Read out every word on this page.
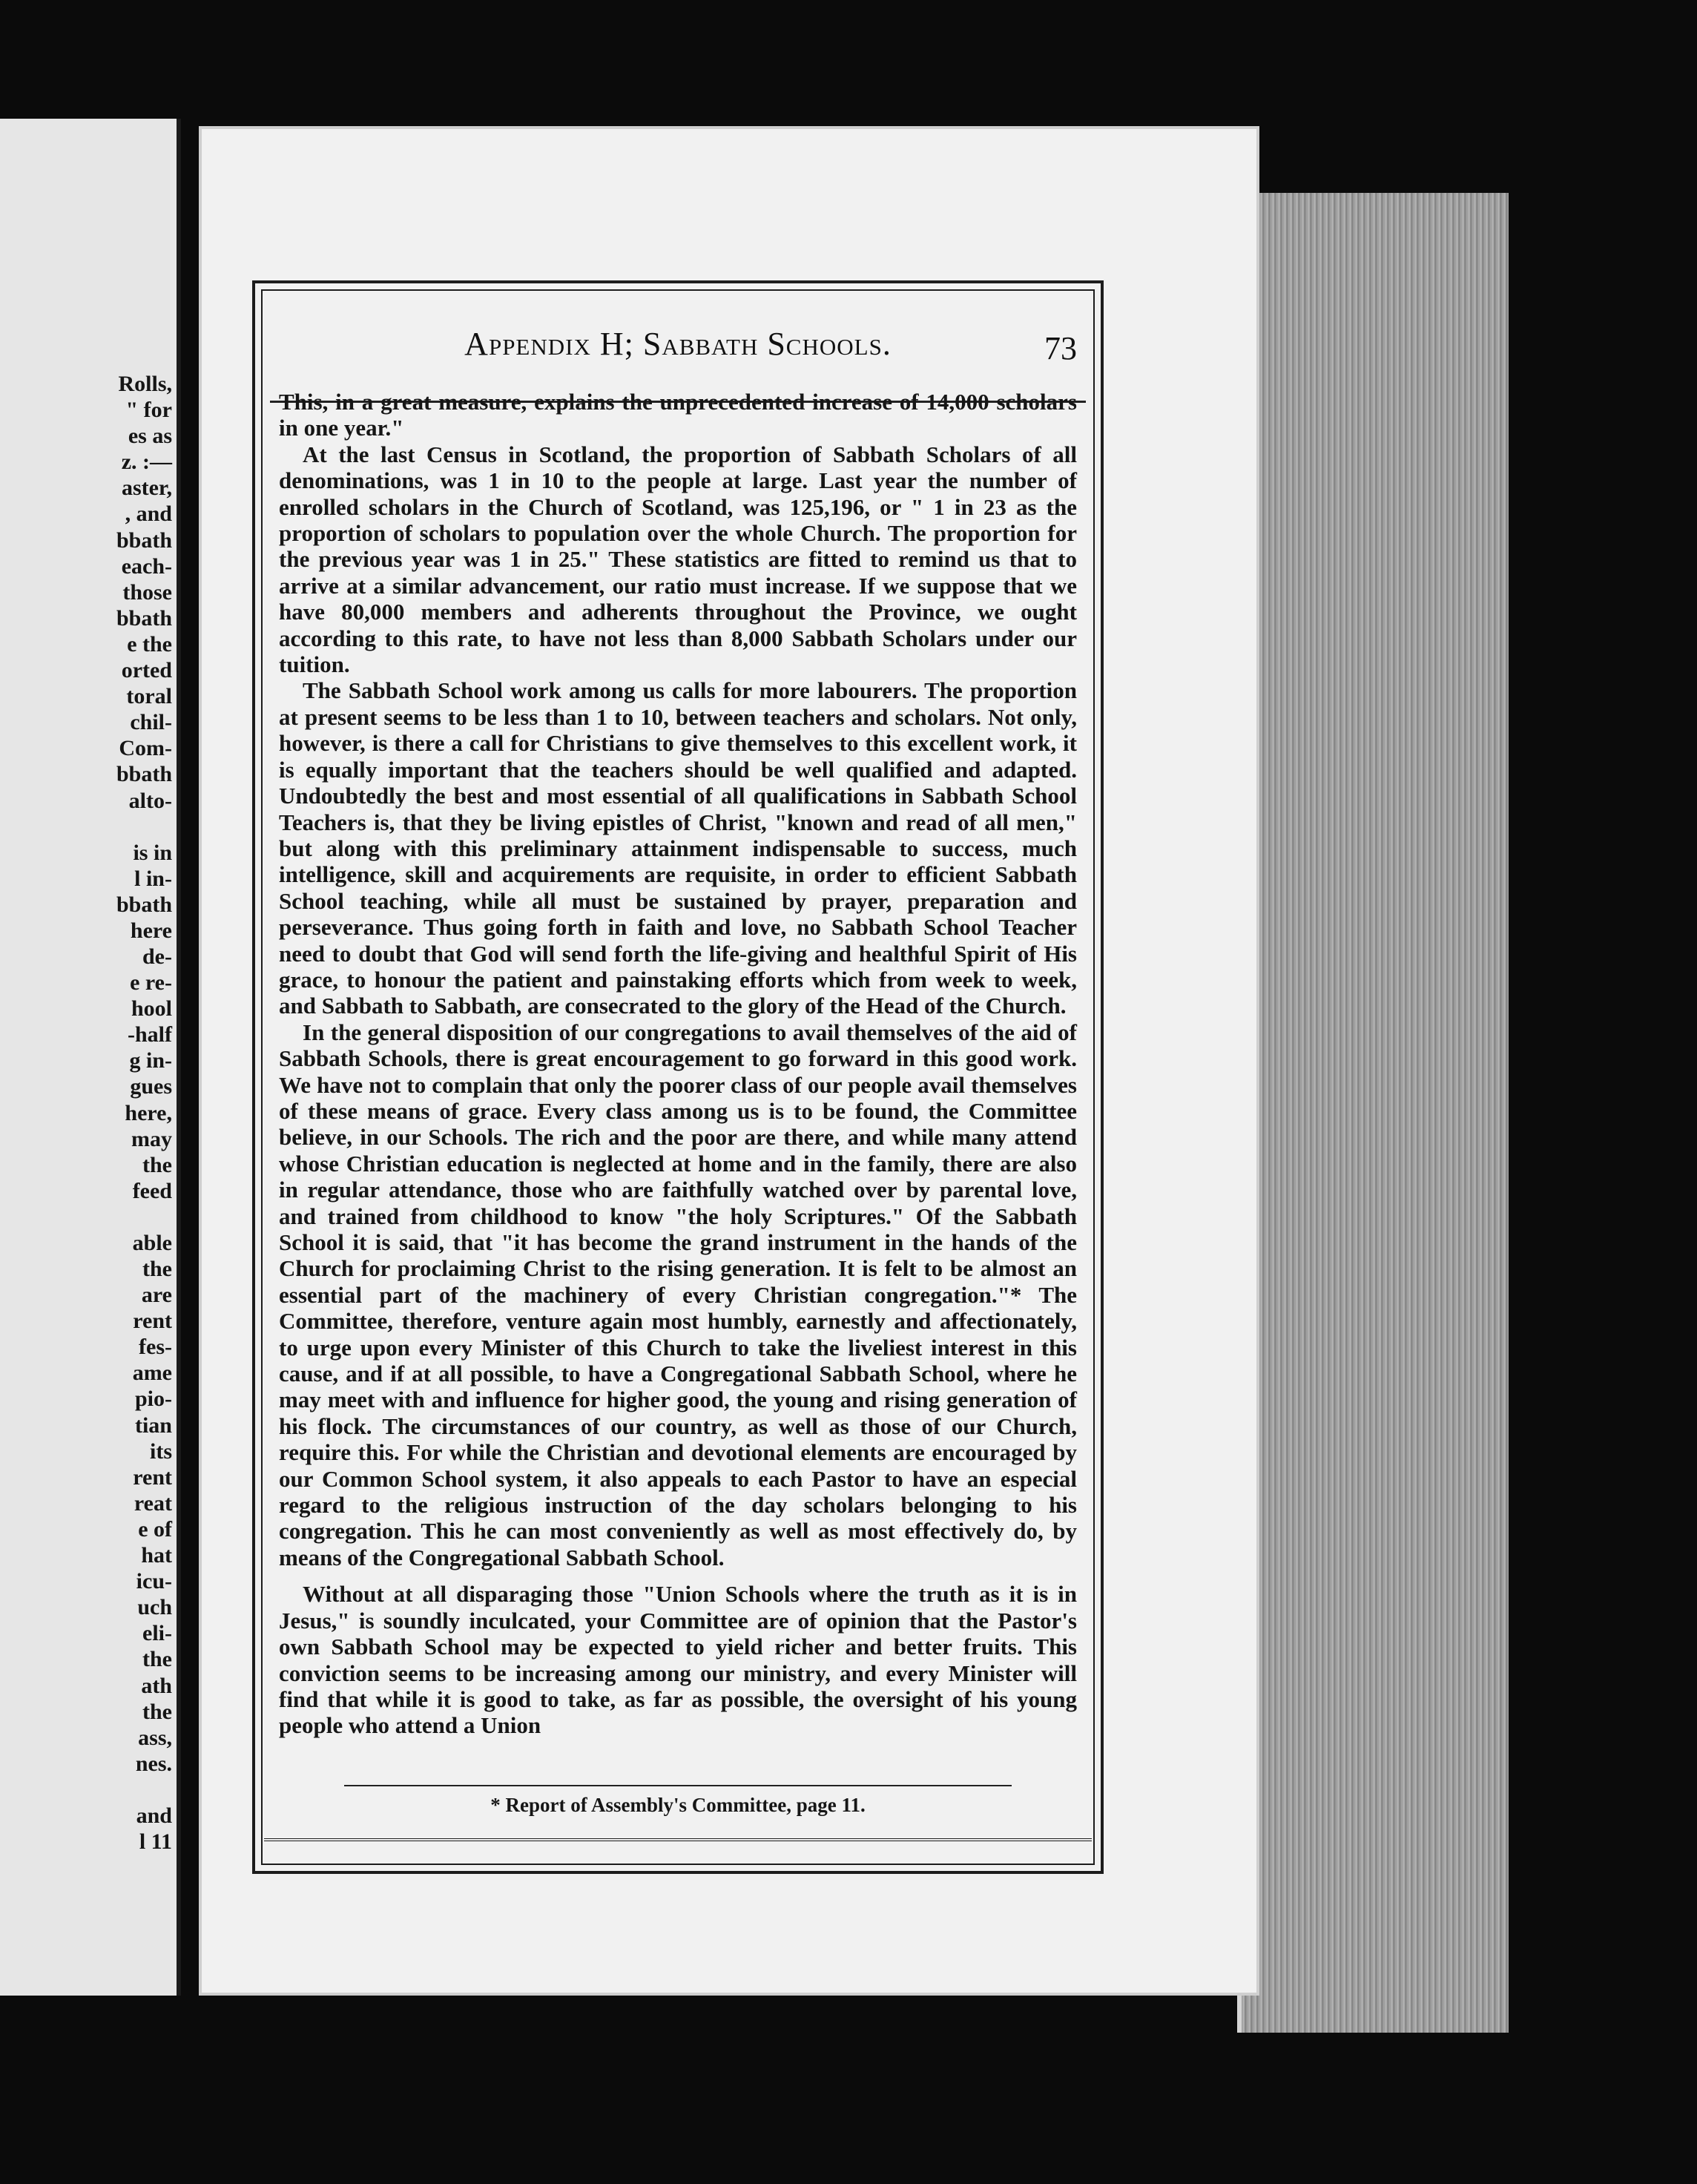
Rolls,
" for
es as
z. :—
aster,
, and
bbath
each-
those
bbath
e the
orted
toral
chil-
Com-
bbath
alto-
is in
l in-
bbath
here
de-
e re-
hool
-half
g in-
gues
here,
may
the
feed
able
the
are
rent
fes-
ame
pio-
tian
its
rent
reat
e of
hat
icu-
uch
eli-
the
ath
the
ass,
nes.
and
l 11
Appendix H; Sabbath Schools.	73

This, in a great measure, explains the unprecedented increase of 14,000 scholars in one year."

At the last Census in Scotland, the proportion of Sabbath Scholars of all denominations, was 1 in 10 to the people at large. Last year the number of enrolled scholars in the Church of Scotland, was 125,196, or " 1 in 23 as the proportion of scholars to population over the whole Church. The proportion for the previous year was 1 in 25." These statistics are fitted to remind us that to arrive at a similar advancement, our ratio must increase. If we suppose that we have 80,000 members and adherents throughout the Province, we ought according to this rate, to have not less than 8,000 Sabbath Scholars under our tuition.

The Sabbath School work among us calls for more labourers. The proportion at present seems to be less than 1 to 10, between teachers and scholars. Not only, however, is there a call for Christians to give themselves to this excellent work, it is equally important that the teachers should be well qualified and adapted. Undoubtedly the best and most essential of all qualifications in Sabbath School Teachers is, that they be living epistles of Christ, "known and read of all men," but along with this preliminary attainment indispensable to success, much intelligence, skill and acquirements are requisite, in order to efficient Sabbath School teaching, while all must be sustained by prayer, preparation and perseverance. Thus going forth in faith and love, no Sabbath School Teacher need to doubt that God will send forth the life-giving and healthful Spirit of His grace, to honour the patient and painstaking efforts which from week to week, and Sabbath to Sabbath, are consecrated to the glory of the Head of the Church.

In the general disposition of our congregations to avail themselves of the aid of Sabbath Schools, there is great encouragement to go forward in this good work. We have not to complain that only the poorer class of our people avail themselves of these means of grace. Every class among us is to be found, the Committee believe, in our Schools. The rich and the poor are there, and while many attend whose Christian education is neglected at home and in the family, there are also in regular attendance, those who are faithfully watched over by parental love, and trained from childhood to know "the holy Scriptures." Of the Sabbath School it is said, that "it has become the grand instrument in the hands of the Church for proclaiming Christ to the rising generation. It is felt to be almost an essential part of the machinery of every Christian congregation."* The Committee, therefore, venture again most humbly, earnestly and affectionately, to urge upon every Minister of this Church to take the liveliest interest in this cause, and if at all possible, to have a Congregational Sabbath School, where he may meet with and influence for higher good, the young and rising generation of his flock. The circumstances of our country, as well as those of our Church, require this. For while the Christian and devotional elements are encouraged by our Common School system, it also appeals to each Pastor to have an especial regard to the religious instruction of the day scholars belonging to his congregation. This he can most conveniently as well as most effectively do, by means of the Congregational Sabbath School.

Without at all disparaging those "Union Schools where the truth as it is in Jesus," is soundly inculcated, your Committee are of opinion that the Pastor's own Sabbath School may be expected to yield richer and better fruits. This conviction seems to be increasing among our ministry, and every Minister will find that while it is good to take, as far as possible, the oversight of his young people who attend a Union

* Report of Assembly's Committee, page 11.
